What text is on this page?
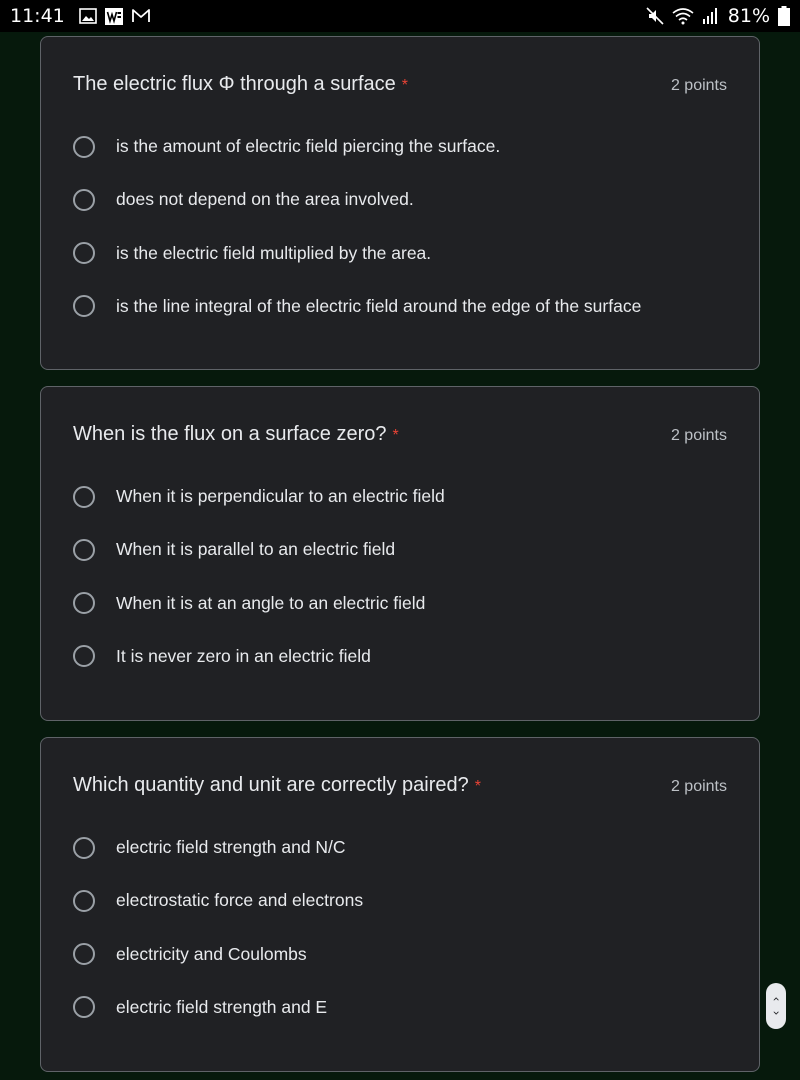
11:41	81%
The electric flux Φ through a surface *	2 points
is the amount of electric field piercing the surface.
does not depend on the area involved.
is the electric field multiplied by the area.
is the line integral of the electric field around the edge of the surface
When is the flux on a surface zero? *	2 points
When it is perpendicular to an electric field
When it is parallel to an electric field
When it is at an angle to an electric field
It is never zero in an electric field
Which quantity and unit are correctly paired? *	2 points
electric field strength and N/C
electrostatic force and electrons
electricity and Coulombs
electric field strength and E	‹
›
